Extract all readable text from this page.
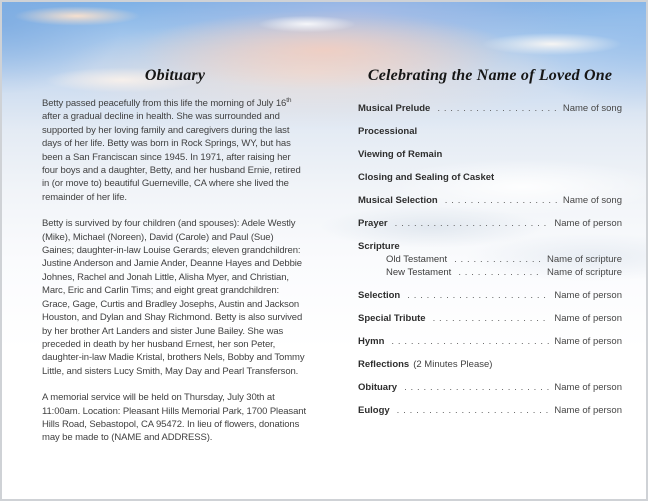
Obituary

Betty passed peacefully from this life the morning of July 16th after a gradual decline in health. She was surrounded and supported by her loving family and caregivers during the last days of her life. Betty was born in Rock Springs, WY, but has been a San Franciscan since 1945. In 1971, after raising her four boys and a daughter, Betty, and her husband Ernie, retired in (or move to) beautiful Guerneville, CA where she lived the remainder of her life.

Betty is survived by four children (and spouses): Adele Westly (Mike), Michael (Noreen), David (Carole) and Paul (Sue) Gaines; daughter-in-law Louise Gerards; eleven grandchildren: Justine Anderson and Jamie Ander, Deanne Hayes and Debbie Johnes, Rachel and Jonah Little, Alisha Myer, and Christian, Marc, Eric and Carlin Tims; and eight great grandchildren: Grace, Gage, Curtis and Bradley Josephs, Austin and Jackson Houston, and Dylan and Shay Richmond. Betty is also survived by her brother Art Landers and sister June Bailey. She was preceded in death by her husband Ernest, her son Peter, daughter-in-law Madie Kristal, brothers Nels, Bobby and Tommy Little, and sisters Lucy Smith, May Day and Pearl Transferson.

A memorial service will be held on Thursday, July 30th at 11:00am. Location: Pleasant Hills Memorial Park, 1700 Pleasant Hills Road, Sebastopol, CA 95472. In lieu of flowers, donations may be made to (NAME and ADDRESS).

Celebrating the Name of Loved One
Musical Prelude . . .	Name of song
Processional
Viewing of Remain
Closing and Sealing of Casket
Musical Selection . . .	Name of song
Prayer . . .	Name of person
Scripture
Old Testament . . .	Name of scripture
New Testament . . .	Name of scripture
Selection . . .	Name of person
Special Tribute . . .	Name of person
Hymn . . .	Name of person
Reflections (2 Minutes Please)
Obituary . . .	Name of person
Eulogy . . .	Name of person
